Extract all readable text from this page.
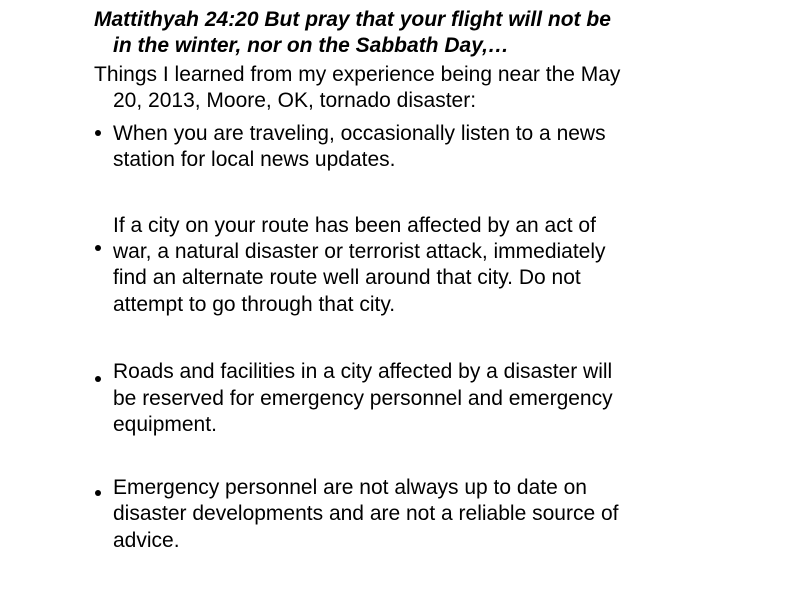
Mattithyah 24:20 But pray that your flight will not be
in the winter, nor on the Sabbath Day,…
Things I learned from my experience being near the May
20, 2013, Moore, OK, tornado disaster:
When you are traveling, occasionally listen to a news
station for local news updates.
If a city on your route has been affected by an act of
war, a natural disaster or terrorist attack, immediately
find an alternate route well around that city. Do not
attempt to go through that city.
Roads and facilities in a city affected by a disaster will
be reserved for emergency personnel and emergency
equipment.
Emergency personnel are not always up to date on
disaster developments and are not a reliable source of
advice.
